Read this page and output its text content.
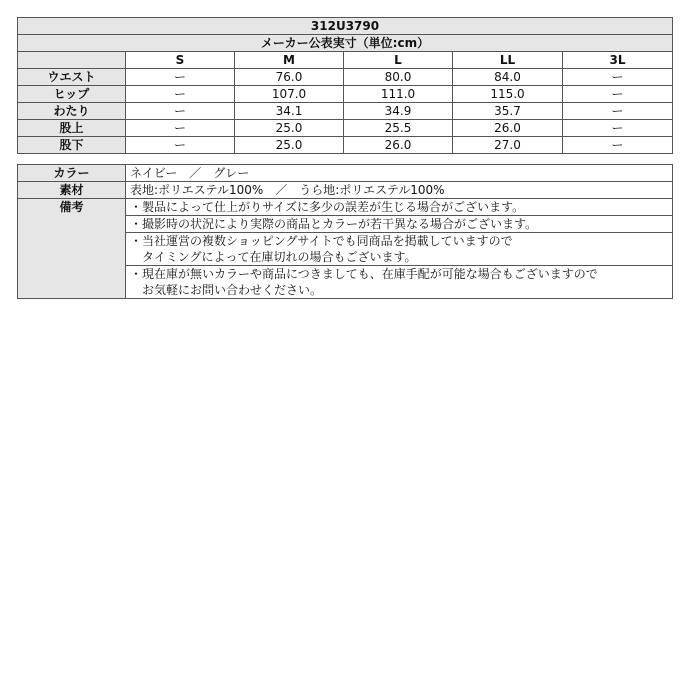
312U3790					
メーカー公表実寸（単位:cm）					
	S	M	L	LL	3L
ウエスト	ー	76.0	80.0	84.0	ー
ヒップ	ー	107.0	111.0	115.0	ー
わたり	ー	34.1	34.9	35.7	ー
股上	ー	25.0	25.5	26.0	ー
股下	ー	25.0	26.0	27.0	ー
カラー	ネイビー　／　グレー
素材	表地:ポリエステル100%　／　うら地:ポリエステル100%
備考	・製品によって仕上がりサイズに多少の誤差が生じる場合がございます。

	・撮影時の状況により実際の商品とカラーが若干異なる場合がございます。

	・当社運営の複数ショッピングサイトでも同商品を掲載していますので
　タイミングによって在庫切れの場合もございます。

	・現在庫が無いカラーや商品につきましても、在庫手配が可能な場合もございますので
　お気軽にお問い合わせください。
